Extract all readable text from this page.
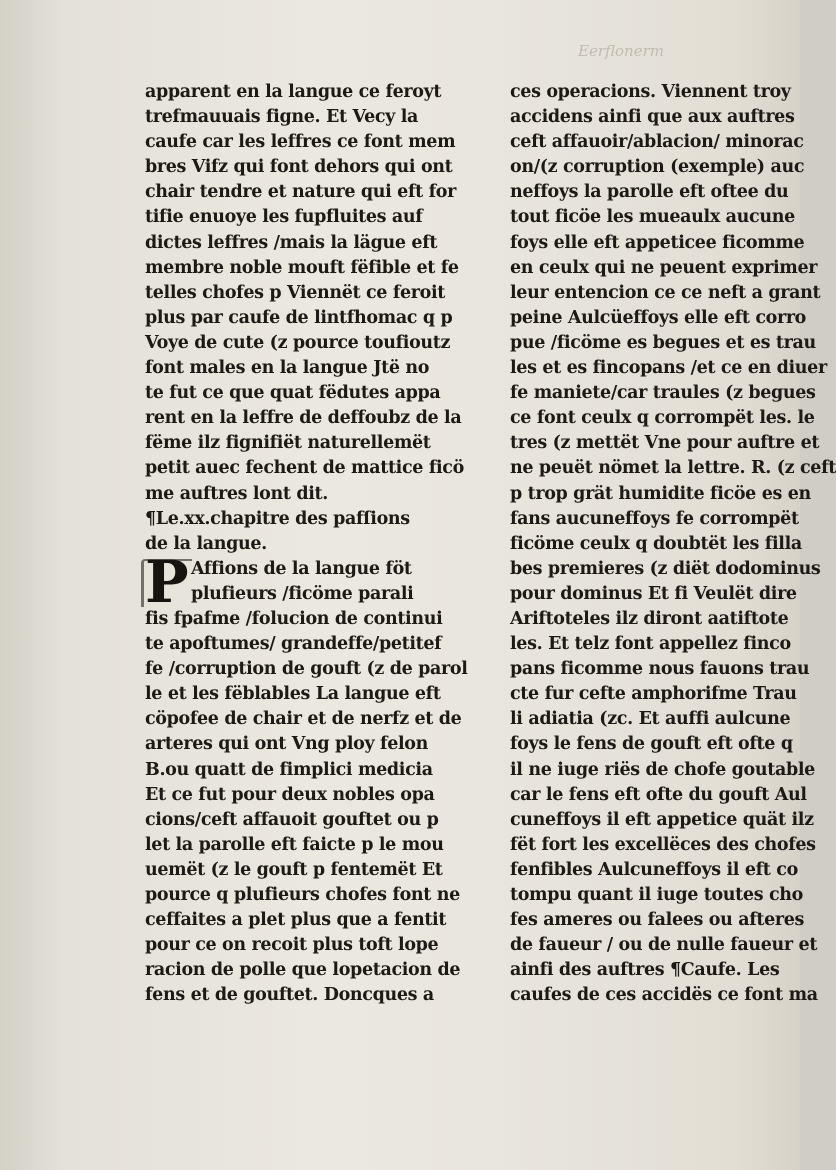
Eerflonerm
apparent en la langue ce feroyt
trefmauuais figne. Et Vecy la
caufe car les leffres ce font mem
bres Vifz qui font dehors qui ont
chair tendre et nature qui eft for
tifie enuoye les fupfluites auf
dictes leffres /mais la lägue eft
membre noble mouft fëfible et fe
telles chofes p Viennët ce feroit
plus par caufe de lintfhomac q p
Voye de cute (z pource toufioutz
font males en la langue Jtë no
te fut ce que quat fëdutes appa
rent en la leffre de deffoubz de la
fëme ilz fignifiët naturellemët
petit auec fechent de mattice ficö
me auftres lont dit.
¶Le.xx.chapitre des pafſions
de la langue.
Affions de la langue föt
plufieurs /ficöme parali
fis fpafme /folucion de continui
te apoftumes/ grandeffe/petitef
fe /corruption de gouft (z de parol
le et les fëblables La langue eft
cöpofee de chair et de nerfz et de
arteres qui ont Vng ploy felon
B.ou quatt de fimplici medicia
Et ce fut pour deux nobles opa
cions/ceft affauoit gouftet ou p
let la parolle eft faicte p le mou
uemët (z le gouft p fentemët Et
pource q plufieurs chofes font ne
ceffaites a plet plus que a fentit
pour ce on recoit plus toft lope
racion de polle que lopetacion de
fens et de gouftet. Doncques a
P
ces operacions. Viennent troy
accidens ainfi que aux auftres
ceft affauoir/ablacion/ minorac
on/(z corruption (exemple) auc
neffoys la parolle eft oftee du
tout ficöe les mueaulx aucune
foys elle eft appeticee ficomme
en ceulx qui ne peuent exprimer
leur entencion ce ce neft a grant
peine Aulcüeffoys elle eft corro
pue /ficöme es begues et es trau
les et es fincopans /et ce en diuer
fe maniete/car traules (z begues
ce font ceulx q corrompët les. le
tres (z mettët Vne pour auftre et
ne peuët nömet la lettre. R. (z ceft
p trop grät humidite ficöe es en
fans aucuneffoys fe corrompët
ficöme ceulx q doubtët les filla
bes premieres (z diët dodominus
pour dominus Et fi Veulët dire
Ariftoteles ilz diront aatiftote
les. Et telz font appellez finco
pans ficomme nous fauons trau
cte fur cefte amphorifme Trau
li adiatia (zc. Et auffi aulcune
foys le fens de gouft eft ofte q
il ne iuge riës de chofe goutable
car le fens eft ofte du gouft Aul
cuneffoys il eft appetice quät ilz
fët fort les excellëces des chofes
fenfibles Aulcuneffoys il eft co
tompu quant il iuge toutes cho
fes ameres ou falees ou afteres
de faueur / ou de nulle faueur et
ainfi des auftres ¶Caufe. Les
caufes de ces accidës ce font ma
